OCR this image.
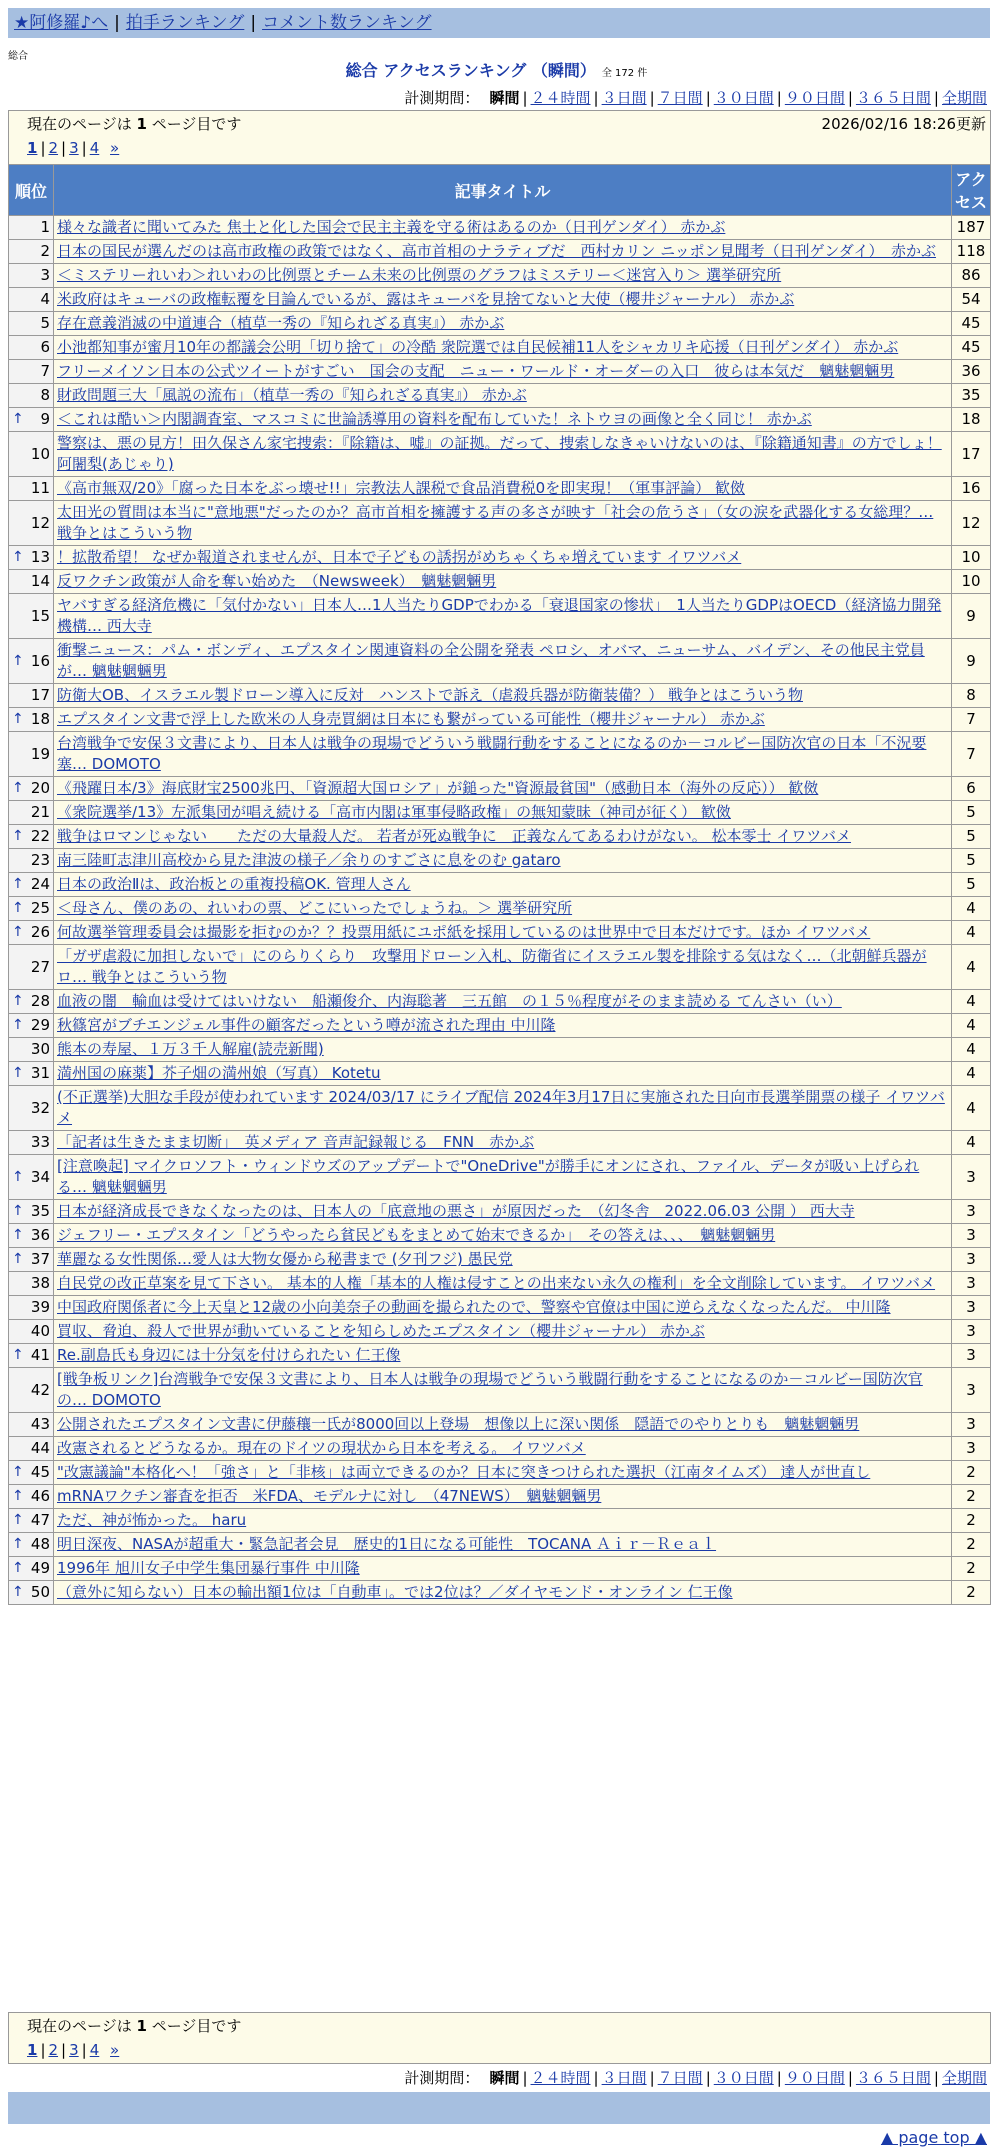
★阿修羅♪へ | 拍手ランキング | コメント数ランキング
総合
総合 アクセスランキング （瞬間） 全 172 件
計測期間： 瞬間 | ２４時間 | ３日間 | ７日間 | ３０日間 | ９０日間 | ３６５日間 | 全期間
現在のページは 1 ページ目です	2026/02/16 18:26更新
1 | 2 | 3 | 4 »
順位	記事タイトル	アクセス
1	様々な識者に聞いてみた 焦土と化した国会で民主主義を守る術はあるのか（日刊ゲンダイ） 赤かぶ	187
2	日本の国民が選んだのは高市政権の政策ではなく、高市首相のナラティブだ　西村カリン ニッポン見聞考（日刊ゲンダイ）　赤かぶ	118
3	＜ミステリーれいわ＞れいわの比例票とチーム未来の比例票のグラフはミステリー＜迷宮入り＞ 選挙研究所	86
4	米政府はキューバの政権転覆を目論んでいるが、露はキューバを見捨てないと大使（櫻井ジャーナル） 赤かぶ	54
5	存在意義消滅の中道連合（植草一秀の『知られざる真実』） 赤かぶ	45
6	小池都知事が蜜月10年の都議会公明「切り捨て」の冷酷 衆院選では自民候補11人をシャカリキ応援（日刊ゲンダイ） 赤かぶ	45
7	フリーメイソン日本の公式ツイートがすごい　国会の支配　ニュー・ワールド・オーダーの入口　彼らは本気だ　魑魅魍魎男	36
8	財政問題三大「風説の流布」（植草一秀の『知られざる真実』） 赤かぶ	35

↑ 9	＜これは酷い＞内閣調査室、マスコミに世論誘導用の資料を配布していた！ネトウヨの画像と全く同じ！ 赤かぶ	18
10	警察は、悪の見方！田久保さん家宅捜索：『除籍は、嘘』の証拠。だって、捜索しなきゃいけないのは、『除籍通知書』の方でしょ！ 阿闍梨(あじゃり)	17
11	《高市無双/20》「腐った日本をぶっ壊せ!!」宗教法人課税で食品消費税0を即実現！（軍事評論） 歓傚	16
12	太田光の質問は本当に"意地悪"だったのか？高市首相を擁護する声の多さが映す「社会の危うさ」（女の涙を武器化する女総理？… 戦争とはこういう物	12

↑ 13	！拡散希望！ なぜか報道されませんが、日本で子どもの誘拐がめちゃくちゃ増えています イワツバメ	10
14	反ワクチン政策が人命を奪い始めた　（Newsweek）　魑魅魍魎男	10
15	ヤバすぎる経済危機に「気付かない」日本人…1人当たりGDPでわかる「衰退国家の惨状」　1人当たりGDPはOECD（経済協力開発機構… 西大寺	9

↑ 16	衝撃ニュース：パム・ボンディ、エプスタイン関連資料の全公開を発表 ペロシ、オバマ、ニューサム、バイデン、その他民主党員が… 魑魅魍魎男	9
17	防衛大OB、イスラエル製ドローン導入に反対　ハンストで訴え（虐殺兵器が防衛装備？） 戦争とはこういう物	8

↑ 18	エプスタイン文書で浮上した欧米の人身売買網は日本にも繋がっている可能性（櫻井ジャーナル） 赤かぶ	7
19	台湾戦争で安保３文書により、日本人は戦争の現場でどういう戦闘行動をすることになるのか－コルビー国防次官の日本「不況要塞… DOMOTO	7

↑ 20	《飛躍日本/3》海底財宝2500兆円、「資源超大国ロシア」が鎚った"資源最貧国"（感動日本（海外の反応）） 歓傚	6
21	《衆院選挙/13》左派集団が唱え続ける「高市内閣は軍事侵略政権」の無知蒙昧（神司が征く） 歓傚	5

↑ 22	戦争はロマンじゃない　　ただの大量殺人だ。 若者が死ぬ戦争に　正義なんてあるわけがない。 松本零士 イワツバメ	5
23	南三陸町志津川高校から見た津波の様子／余りのすごさに息をのむ gataro	5

↑ 24	日本の政治Ⅱは、政治板との重複投稿OK. 管理人さん	5

↑ 25	＜母さん、僕のあの、れいわの票、どこにいったでしょうね。＞ 選挙研究所	4

↑ 26	何故選挙管理委員会は撮影を拒むのか？？投票用紙にユポ紙を採用しているのは世界中で日本だけです。ほか イワツバメ	4
27	「ガザ虐殺に加担しないで」にのらりくらり　攻撃用ドローン入札、防衛省にイスラエル製を排除する気はなく…（北朝鮮兵器がロ… 戦争とはこういう物	4

↑ 28	血液の闇　輸血は受けてはいけない　船瀬俊介、内海聡著　三五館　の１５％程度がそのまま読める てんさい（い）	4

↑ 29	秋篠宮がブチエンジェル事件の顧客だったという噂が流された理由 中川隆	4
30	熊本の寿屋、１万３千人解雇(読売新聞)	4

↑ 31	満州国の麻薬】芥子畑の満州娘（写真） Kotetu	4
32	(不正選挙)大胆な手段が使われています 2024/03/17 にライブ配信 2024年3月17日に実施された日向市長選挙開票の様子 イワツバメ	4
33	「記者は生きたまま切断」　英メディア 音声記録報じる　FNN　赤かぶ	4

↑ 34	[注意喚起] マイクロソフト・ウィンドウズのアップデートで"OneDrive"が勝手にオンにされ、ファイル、データが吸い上げられる… 魑魅魍魎男	3

↑ 35	日本が経済成長できなくなったのは、日本人の「底意地の悪さ」が原因だった　（幻冬舎　2022.06.03 公開 ） 西大寺	3

↑ 36	ジェフリー・エプスタイン「どうやったら貧民どもをまとめて始末できるか」　その答えは、、、　魑魅魍魎男	3

↑ 37	華麗なる女性関係…愛人は大物女優から秘書まで (夕刊フジ) 愚民党	3
38	自民党の改正草案を見て下さい。 基本的人権「基本的人権は侵すことの出来ない永久の権利」を全文削除しています。 イワツバメ	3
39	中国政府関係者に今上天皇と12歳の小向美奈子の動画を撮られたので、警察や官僚は中国に逆らえなくなったんだ。 中川隆	3
40	買収、脅迫、殺人で世界が動いていることを知らしめたエプスタイン（櫻井ジャーナル） 赤かぶ	3

↑ 41	Re.副島氏も身辺には十分気を付けられたい 仁王像	3
42	[戦争板リンク]台湾戦争で安保３文書により、日本人は戦争の現場でどういう戦闘行動をすることになるのか－コルビー国防次官の… DOMOTO	3
43	公開されたエプスタイン文書に伊藤穰一氏が8000回以上登場　想像以上に深い関係　隠語でのやりとりも　魑魅魍魎男	3
44	改憲されるとどうなるか。現在のドイツの現状から日本を考える。 イワツバメ	3

↑ 45	"改憲議論"本格化へ！「強さ」と「非核」は両立できるのか？日本に突きつけられた選択（江南タイムズ） 達人が世直し	2

↑ 46	mRNAワクチン審査を拒否　米FDA、モデルナに対し　（47NEWS）　魑魅魍魎男	2

↑ 47	ただ、神が怖かった。 haru	2

↑ 48	明日深夜、NASAが超重大・緊急記者会見　歴史的1日になる可能性　TOCANA Ａｉｒ－Ｒｅａｌ	2

↑ 49	1996年 旭川女子中学生集団暴行事件 中川隆	2

↑ 50	（意外に知らない）日本の輸出額1位は「自動車」。では2位は？／ダイヤモンド・オンライン 仁王像	2
現在のページは 1 ページ目です
1 | 2 | 3 | 4 »
計測期間： 瞬間 | ２４時間 | ３日間 | ７日間 | ３０日間 | ９０日間 | ３６５日間 | 全期間
▲ page top ▲
